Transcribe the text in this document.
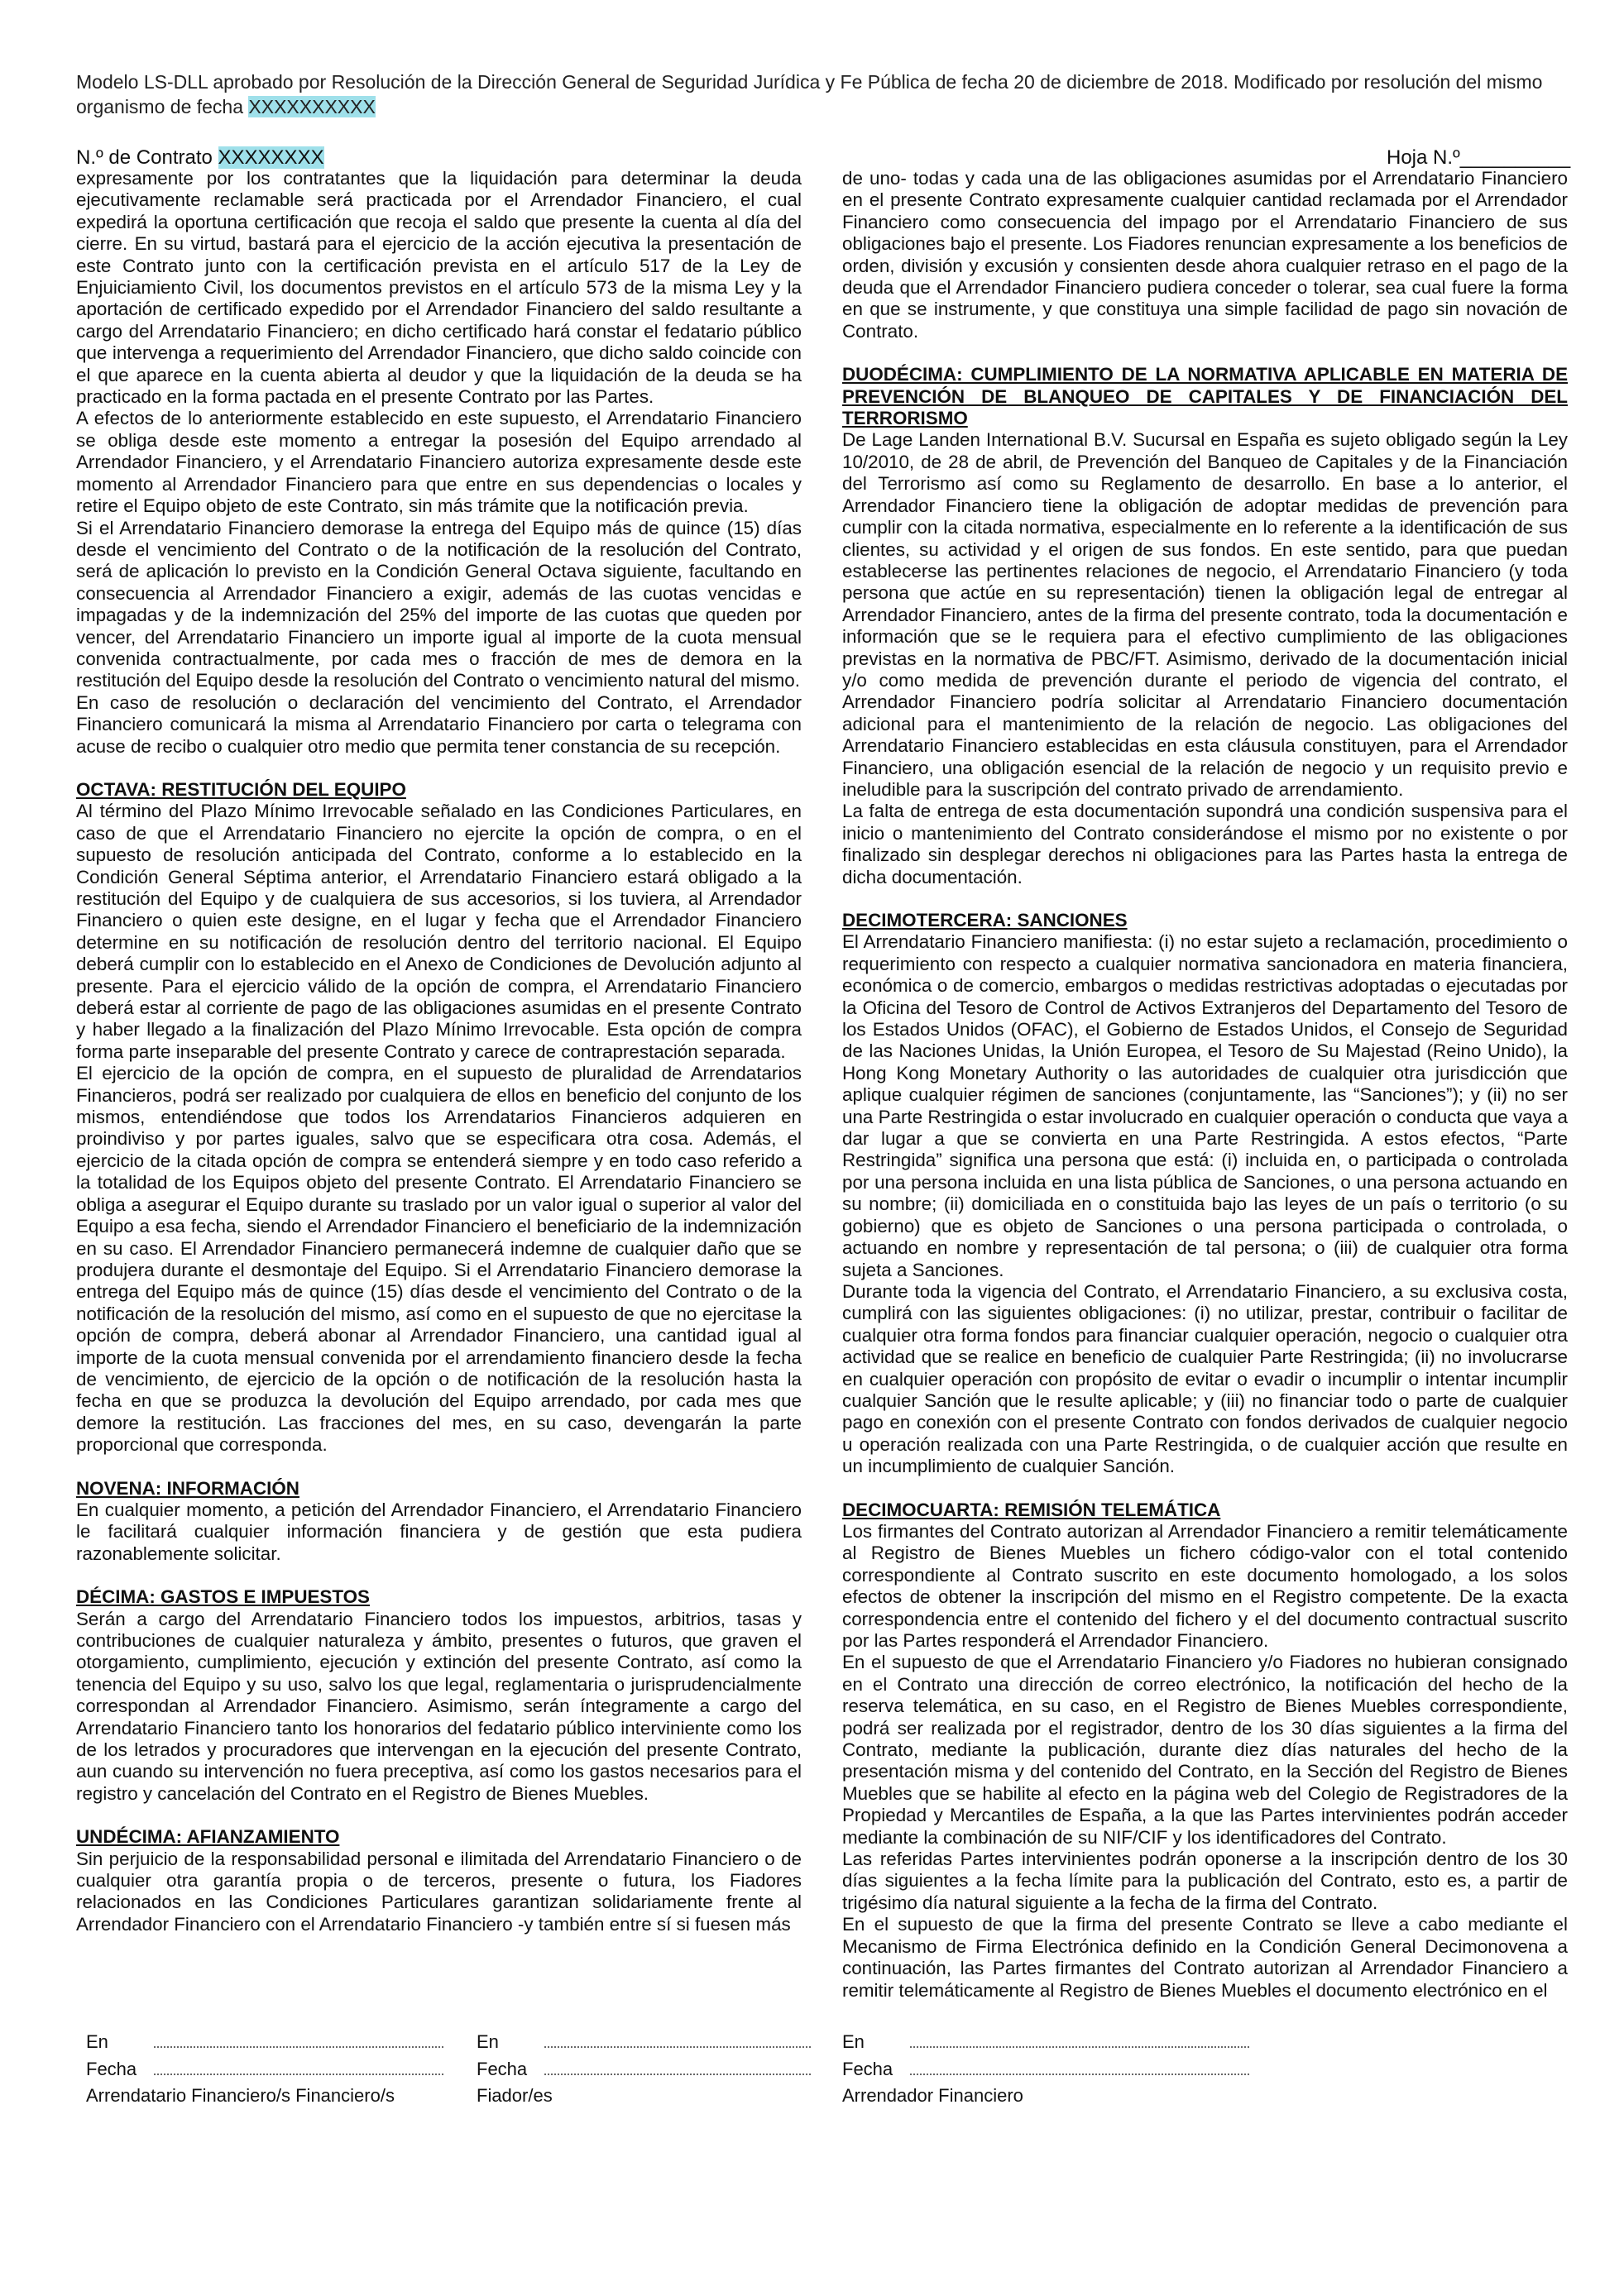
Modelo LS-DLL aprobado por Resolución de la Dirección General de Seguridad Jurídica y Fe Pública de fecha 20 de diciembre de 2018. Modificado por resolución del mismo organismo de fecha XXXXXXXXXX
N.º de Contrato XXXXXXXX	Hoja N.º__________

expresamente por los contratantes que la liquidación para determinar la deuda ejecutivamente reclamable será practicada por el Arrendador Financiero, el cual expedirá la oportuna certificación que recoja el saldo que presente la cuenta al día del cierre. En su virtud, bastará para el ejercicio de la acción ejecutiva la presentación de este Contrato junto con la certificación prevista en el artículo 517 de la Ley de Enjuiciamiento Civil, los documentos previstos en el artículo 573 de la misma Ley y la aportación de certificado expedido por el Arrendador Financiero del saldo resultante a cargo del Arrendatario Financiero; en dicho certificado hará constar el fedatario público que intervenga a requerimiento del Arrendador Financiero, que dicho saldo coincide con el que aparece en la cuenta abierta al deudor y que la liquidación de la deuda se ha practicado en la forma pactada en el presente Contrato por las Partes.

A efectos de lo anteriormente establecido en este supuesto, el Arrendatario Financiero se obliga desde este momento a entregar la posesión del Equipo arrendado al Arrendador Financiero, y el Arrendatario Financiero autoriza expresamente desde este momento al Arrendador Financiero para que entre en sus dependencias o locales y retire el Equipo objeto de este Contrato, sin más trámite que la notificación previa.

Si el Arrendatario Financiero demorase la entrega del Equipo más de quince (15) días desde el vencimiento del Contrato o de la notificación de la resolución del Contrato, será de aplicación lo previsto en la Condición General Octava siguiente, facultando en consecuencia al Arrendador Financiero a exigir, además de las cuotas vencidas e impagadas y de la indemnización del 25% del importe de las cuotas que queden por vencer, del Arrendatario Financiero un importe igual al importe de la cuota mensual convenida contractualmente, por cada mes o fracción de mes de demora en la restitución del Equipo desde la resolución del Contrato o vencimiento natural del mismo.

En caso de resolución o declaración del vencimiento del Contrato, el Arrendador Financiero comunicará la misma al Arrendatario Financiero por carta o telegrama con acuse de recibo o cualquier otro medio que permita tener constancia de su recepción.

OCTAVA: RESTITUCIÓN DEL EQUIPO

Al término del Plazo Mínimo Irrevocable señalado en las Condiciones Particulares, en caso de que el Arrendatario Financiero no ejercite la opción de compra, o en el supuesto de resolución anticipada del Contrato, conforme a lo establecido en la Condición General Séptima anterior, el Arrendatario Financiero estará obligado a la restitución del Equipo y de cualquiera de sus accesorios, si los tuviera, al Arrendador Financiero o quien este designe, en el lugar y fecha que el Arrendador Financiero determine en su notificación de resolución dentro del territorio nacional. El Equipo deberá cumplir con lo establecido en el Anexo de Condiciones de Devolución adjunto al presente. Para el ejercicio válido de la opción de compra, el Arrendatario Financiero deberá estar al corriente de pago de las obligaciones asumidas en el presente Contrato y haber llegado a la finalización del Plazo Mínimo Irrevocable. Esta opción de compra forma parte inseparable del presente Contrato y carece de contraprestación separada.

El ejercicio de la opción de compra, en el supuesto de pluralidad de Arrendatarios Financieros, podrá ser realizado por cualquiera de ellos en beneficio del conjunto de los mismos, entendiéndose que todos los Arrendatarios Financieros adquieren en proindiviso y por partes iguales, salvo que se especificara otra cosa. Además, el ejercicio de la citada opción de compra se entenderá siempre y en todo caso referido a la totalidad de los Equipos objeto del presente Contrato. El Arrendatario Financiero se obliga a asegurar el Equipo durante su traslado por un valor igual o superior al valor del Equipo a esa fecha, siendo el Arrendador Financiero el beneficiario de la indemnización en su caso. El Arrendador Financiero permanecerá indemne de cualquier daño que se produjera durante el desmontaje del Equipo. Si el Arrendatario Financiero demorase la entrega del Equipo más de quince (15) días desde el vencimiento del Contrato o de la notificación de la resolución del mismo, así como en el supuesto de que no ejercitase la opción de compra, deberá abonar al Arrendador Financiero, una cantidad igual al importe de la cuota mensual convenida por el arrendamiento financiero desde la fecha de vencimiento, de ejercicio de la opción o de notificación de la resolución hasta la fecha en que se produzca la devolución del Equipo arrendado, por cada mes que demore la restitución. Las fracciones del mes, en su caso, devengarán la parte proporcional que corresponda.

NOVENA: INFORMACIÓN

En cualquier momento, a petición del Arrendador Financiero, el Arrendatario Financiero le facilitará cualquier información financiera y de gestión que esta pudiera razonablemente solicitar.

DÉCIMA: GASTOS E IMPUESTOS

Serán a cargo del Arrendatario Financiero todos los impuestos, arbitrios, tasas y contribuciones de cualquier naturaleza y ámbito, presentes o futuros, que graven el otorgamiento, cumplimiento, ejecución y extinción del presente Contrato, así como la tenencia del Equipo y su uso, salvo los que legal, reglamentaria o jurisprudencialmente correspondan al Arrendador Financiero. Asimismo, serán íntegramente a cargo del Arrendatario Financiero tanto los honorarios del fedatario público interviniente como los de los letrados y procuradores que intervengan en la ejecución del presente Contrato, aun cuando su intervención no fuera preceptiva, así como los gastos necesarios para el registro y cancelación del Contrato en el Registro de Bienes Muebles.

UNDÉCIMA: AFIANZAMIENTO

Sin perjuicio de la responsabilidad personal e ilimitada del Arrendatario Financiero o de cualquier otra garantía propia o de terceros, presente o futura, los Fiadores relacionados en las Condiciones Particulares garantizan solidariamente frente al Arrendador Financiero con el Arrendatario Financiero -y también entre sí si fuesen más

de uno- todas y cada una de las obligaciones asumidas por el Arrendatario Financiero en el presente Contrato expresamente cualquier cantidad reclamada por el Arrendador Financiero como consecuencia del impago por el Arrendatario Financiero de sus obligaciones bajo el presente. Los Fiadores renuncian expresamente a los beneficios de orden, división y excusión y consienten desde ahora cualquier retraso en el pago de la deuda que el Arrendador Financiero pudiera conceder o tolerar, sea cual fuere la forma en que se instrumente, y que constituya una simple facilidad de pago sin novación de Contrato.

DUODÉCIMA: CUMPLIMIENTO DE LA NORMATIVA APLICABLE EN MATERIA DE PREVENCIÓN DE BLANQUEO DE CAPITALES Y DE FINANCIACIÓN DEL TERRORISMO

De Lage Landen International B.V. Sucursal en España es sujeto obligado según la Ley 10/2010, de 28 de abril, de Prevención del Banqueo de Capitales y de la Financiación del Terrorismo así como su Reglamento de desarrollo. En base a lo anterior, el Arrendador Financiero tiene la obligación de adoptar medidas de prevención para cumplir con la citada normativa, especialmente en lo referente a la identificación de sus clientes, su actividad y el origen de sus fondos. En este sentido, para que puedan establecerse las pertinentes relaciones de negocio, el Arrendatario Financiero (y toda persona que actúe en su representación) tienen la obligación legal de entregar al Arrendador Financiero, antes de la firma del presente contrato, toda la documentación e información que se le requiera para el efectivo cumplimiento de las obligaciones previstas en la normativa de PBC/FT. Asimismo, derivado de la documentación inicial y/o como medida de prevención durante el periodo de vigencia del contrato, el Arrendador Financiero podría solicitar al Arrendatario Financiero documentación adicional para el mantenimiento de la relación de negocio. Las obligaciones del Arrendatario Financiero establecidas en esta cláusula constituyen, para el Arrendador Financiero, una obligación esencial de la relación de negocio y un requisito previo e ineludible para la suscripción del contrato privado de arrendamiento.

La falta de entrega de esta documentación supondrá una condición suspensiva para el inicio o mantenimiento del Contrato considerándose el mismo por no existente o por finalizado sin desplegar derechos ni obligaciones para las Partes hasta la entrega de dicha documentación.

DECIMOTERCERA: SANCIONES

El Arrendatario Financiero manifiesta: (i) no estar sujeto a reclamación, procedimiento o requerimiento con respecto a cualquier normativa sancionadora en materia financiera, económica o de comercio, embargos o medidas restrictivas adoptadas o ejecutadas por la Oficina del Tesoro de Control de Activos Extranjeros del Departamento del Tesoro de los Estados Unidos (OFAC), el Gobierno de Estados Unidos, el Consejo de Seguridad de las Naciones Unidas, la Unión Europea, el Tesoro de Su Majestad (Reino Unido), la Hong Kong Monetary Authority o las autoridades de cualquier otra jurisdicción que aplique cualquier régimen de sanciones (conjuntamente, las “Sanciones”); y (ii) no ser una Parte Restringida o estar involucrado en cualquier operación o conducta que vaya a dar lugar a que se convierta en una Parte Restringida. A estos efectos, “Parte Restringida” significa una persona que está: (i) incluida en, o participada o controlada por una persona incluida en una lista pública de Sanciones, o una persona actuando en su nombre; (ii) domiciliada en o constituida bajo las leyes de un país o territorio (o su gobierno) que es objeto de Sanciones o una persona participada o controlada, o actuando en nombre y representación de tal persona; o (iii) de cualquier otra forma sujeta a Sanciones.

Durante toda la vigencia del Contrato, el Arrendatario Financiero, a su exclusiva costa, cumplirá con las siguientes obligaciones: (i) no utilizar, prestar, contribuir o facilitar de cualquier otra forma fondos para financiar cualquier operación, negocio o cualquier otra actividad que se realice en beneficio de cualquier Parte Restringida; (ii) no involucrarse en cualquier operación con propósito de evitar o evadir o incumplir o intentar incumplir cualquier Sanción que le resulte aplicable; y (iii) no financiar todo o parte de cualquier pago en conexión con el presente Contrato con fondos derivados de cualquier negocio u operación realizada con una Parte Restringida, o de cualquier acción que resulte en un incumplimiento de cualquier Sanción.

DECIMOCUARTA: REMISIÓN TELEMÁTICA

Los firmantes del Contrato autorizan al Arrendador Financiero a remitir telemáticamente al Registro de Bienes Muebles un fichero código-valor con el total contenido correspondiente al Contrato suscrito en este documento homologado, a los solos efectos de obtener la inscripción del mismo en el Registro competente. De la exacta correspondencia entre el contenido del fichero y el del documento contractual suscrito por las Partes responderá el Arrendador Financiero.

En el supuesto de que el Arrendatario Financiero y/o Fiadores no hubieran consignado en el Contrato una dirección de correo electrónico, la notificación del hecho de la reserva telemática, en su caso, en el Registro de Bienes Muebles correspondiente, podrá ser realizada por el registrador, dentro de los 30 días siguientes a la firma del Contrato, mediante la publicación, durante diez días naturales del hecho de la presentación misma y del contenido del Contrato, en la Sección del Registro de Bienes Muebles que se habilite al efecto en la página web del Colegio de Registradores de la Propiedad y Mercantiles de España, a la que las Partes intervinientes podrán acceder mediante la combinación de su NIF/CIF y los identificadores del Contrato.

Las referidas Partes intervinientes podrán oponerse a la inscripción dentro de los 30 días siguientes a la fecha límite para la publicación del Contrato, esto es, a partir de trigésimo día natural siguiente a la fecha de la firma del Contrato.

En el supuesto de que la firma del presente Contrato se lleve a cabo mediante el Mecanismo de Firma Electrónica definido en la Condición General Decimonovena a continuación, las Partes firmantes del Contrato autorizan al Arrendador Financiero a remitir telemáticamente al Registro de Bienes Muebles el documento electrónico en el

En
Fecha
Arrendatario Financiero/s Financiero/s
En
Fecha
Fiador/es
En
Fecha
Arrendador Financiero
